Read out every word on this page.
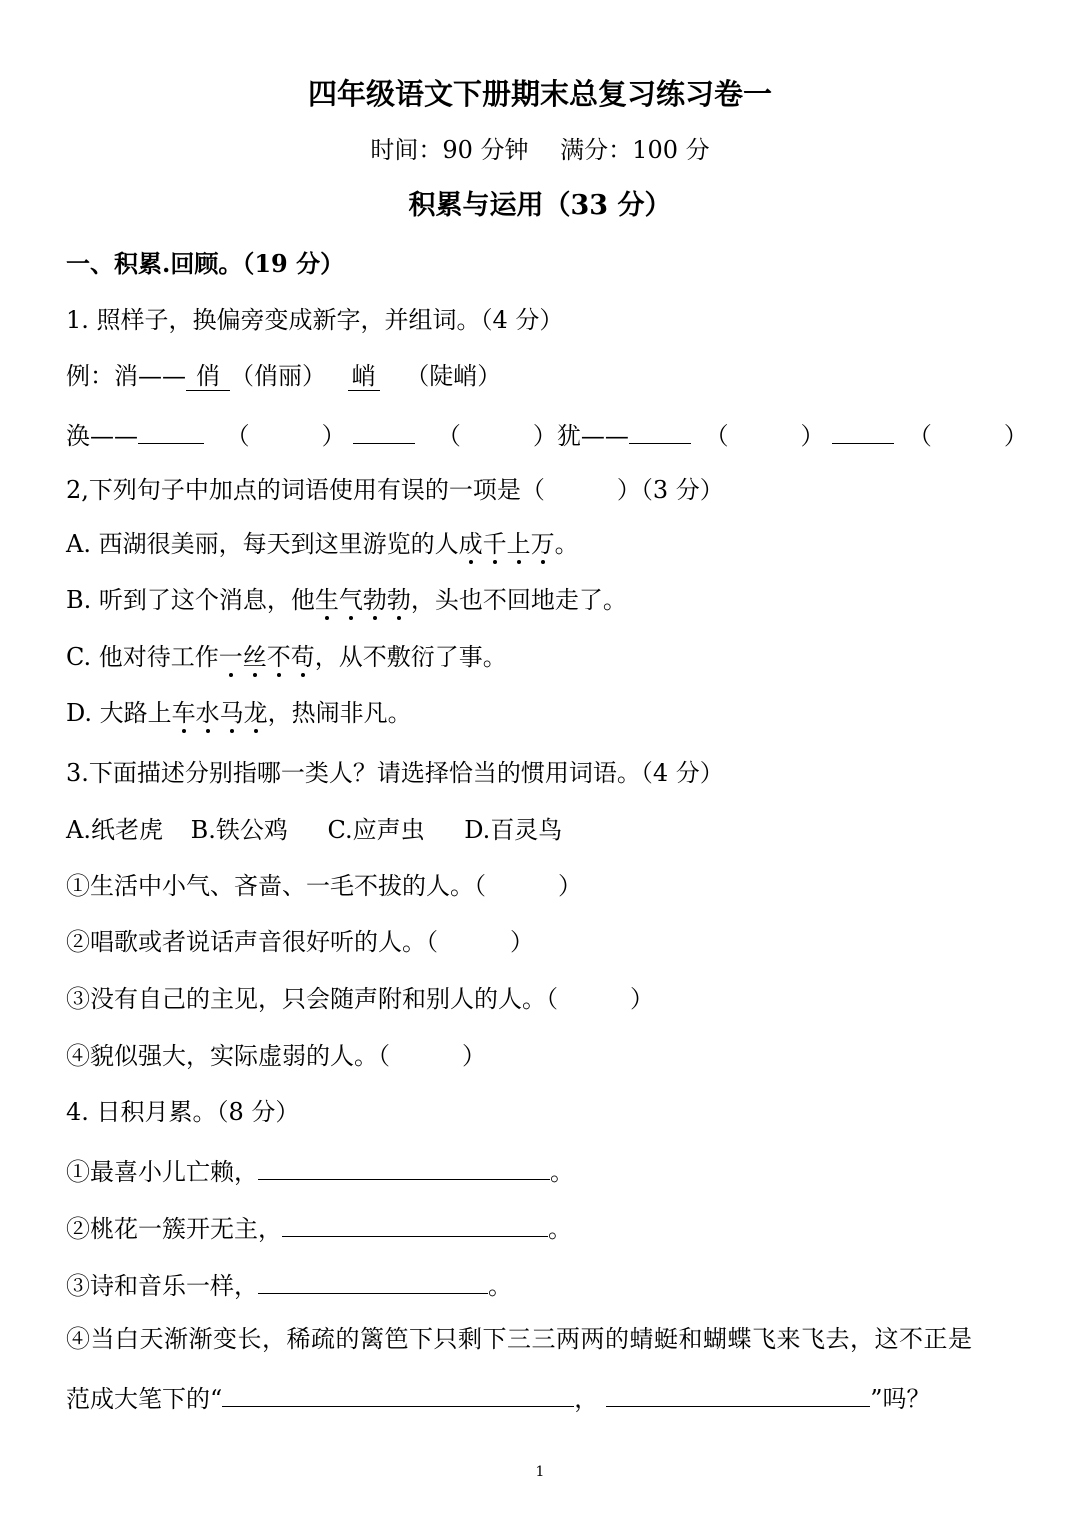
四年级语文下册期末总复习练习卷一
时间：90 分钟　 满分：100 分
积累与运用（33 分）
一、积累.回顾。（19 分）
1. 照样子，换偏旁变成新字，并组词。（4 分）
例：消—— 俏 （俏丽） 峭 （陡峭）
涣——	（　　　）	（　　　）犹——	（　　　）	（　　　）
2,下列句子中加点的词语使用有误的一项是（　　　）（3 分）
A. 西湖很美丽，每天到这里游览的人成千上万。
B. 听到了这个消息，他生气勃勃，头也不回地走了。
C. 他对待工作一丝不苟，从不敷衍了事。
D. 大路上车水马龙，热闹非凡。
3.下面描述分别指哪一类人？请选择恰当的惯用词语。（4 分）
A.纸老虎 B.铁公鸡 C.应声虫 D.百灵鸟
①生活中小气、吝啬、一毛不拔的人。（　　　）
②唱歌或者说话声音很好听的人。（　　　）
③没有自己的主见，只会随声附和别人的人。（　　　）
④貌似强大，实际虚弱的人。（　　　）
4. 日积月累。（8 分）
①最喜小儿亡赖，	。
②桃花一簇开无主，	。
③诗和音乐一样，	。
④当白天渐渐变长，稀疏的篱笆下只剩下三三两两的蜻蜓和蝴蝶飞来飞去，这不正是
范成大笔下的“	，	”吗？
1
